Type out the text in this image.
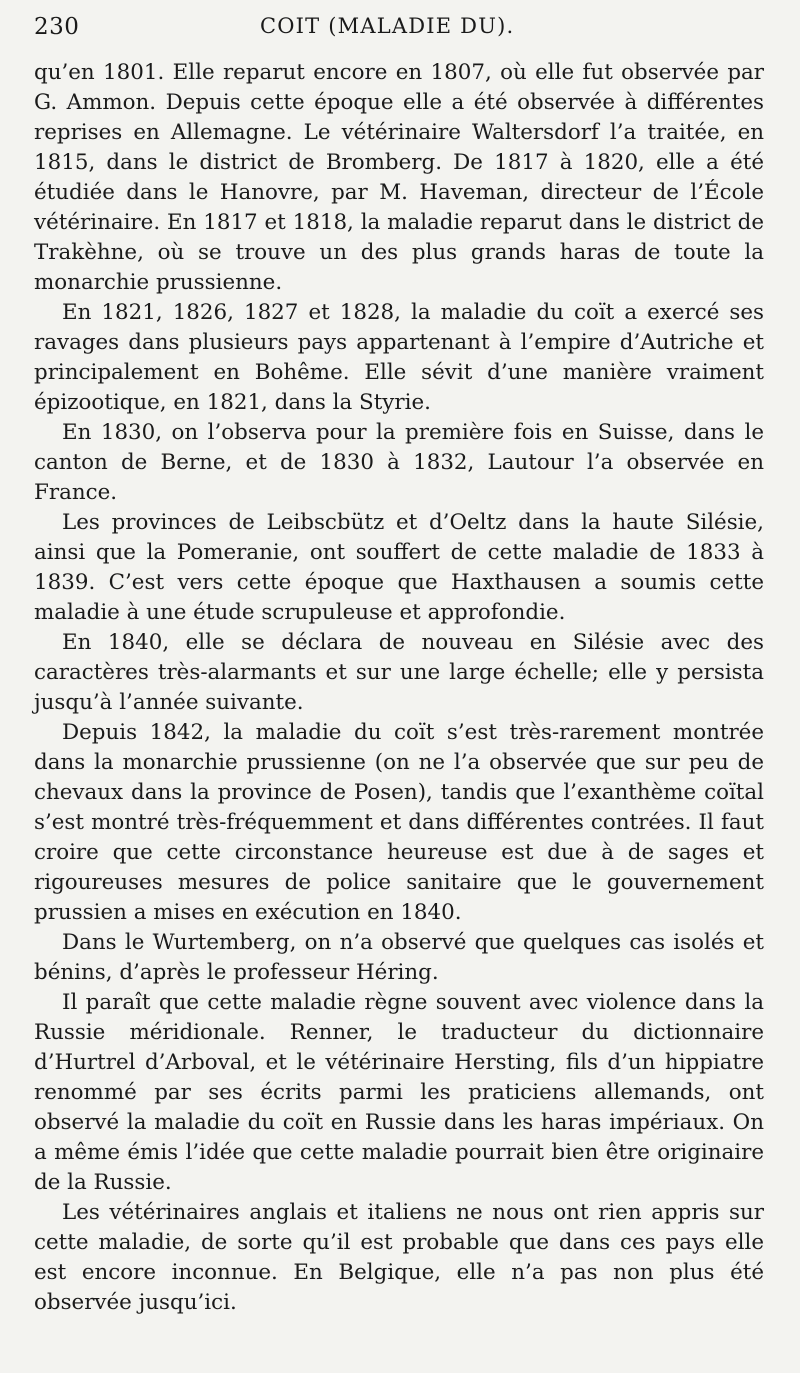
230	COIT (MALADIE DU).

qu’en 1801. Elle reparut encore en 1807, où elle fut observée par G. Ammon. Depuis cette époque elle a été observée à différentes reprises en Allemagne. Le vétérinaire Waltersdorf l’a traitée, en 1815, dans le district de Bromberg. De 1817 à 1820, elle a été étudiée dans le Hanovre, par M. Haveman, directeur de l’École vétérinaire. En 1817 et 1818, la maladie reparut dans le district de Trakèhne, où se trouve un des plus grands haras de toute la monarchie prussienne.

En 1821, 1826, 1827 et 1828, la maladie du coït a exercé ses ravages dans plusieurs pays appartenant à l’empire d’Autriche et principalement en Bohême. Elle sévit d’une manière vraiment épizootique, en 1821, dans la Styrie.

En 1830, on l’observa pour la première fois en Suisse, dans le canton de Berne, et de 1830 à 1832, Lautour l’a observée en France.

Les provinces de Leibscbütz et d’Oeltz dans la haute Silésie, ainsi que la Pomeranie, ont souffert de cette maladie de 1833 à 1839. C’est vers cette époque que Haxthausen a soumis cette maladie à une étude scrupuleuse et approfondie.

En 1840, elle se déclara de nouveau en Silésie avec des caractères très-alarmants et sur une large échelle; elle y persista jusqu’à l’année suivante.

Depuis 1842, la maladie du coït s’est très-rarement montrée dans la monarchie prussienne (on ne l’a observée que sur peu de chevaux dans la province de Posen), tandis que l’exanthème coïtal s’est montré très-fréquemment et dans différentes contrées. Il faut croire que cette circonstance heureuse est due à de sages et rigoureuses mesures de police sanitaire que le gouvernement prussien a mises en exécution en 1840.

Dans le Wurtemberg, on n’a observé que quelques cas isolés et bénins, d’après le professeur Héring.

Il paraît que cette maladie règne souvent avec violence dans la Russie méridionale. Renner, le traducteur du dictionnaire d’Hurtrel d’Arboval, et le vétérinaire Hersting, fils d’un hippiatre renommé par ses écrits parmi les praticiens allemands, ont observé la maladie du coït en Russie dans les haras impériaux. On a même émis l’idée que cette maladie pourrait bien être originaire de la Russie.

Les vétérinaires anglais et italiens ne nous ont rien appris sur cette maladie, de sorte qu’il est probable que dans ces pays elle est encore inconnue. En Belgique, elle n’a pas non plus été observée jusqu’ici.
